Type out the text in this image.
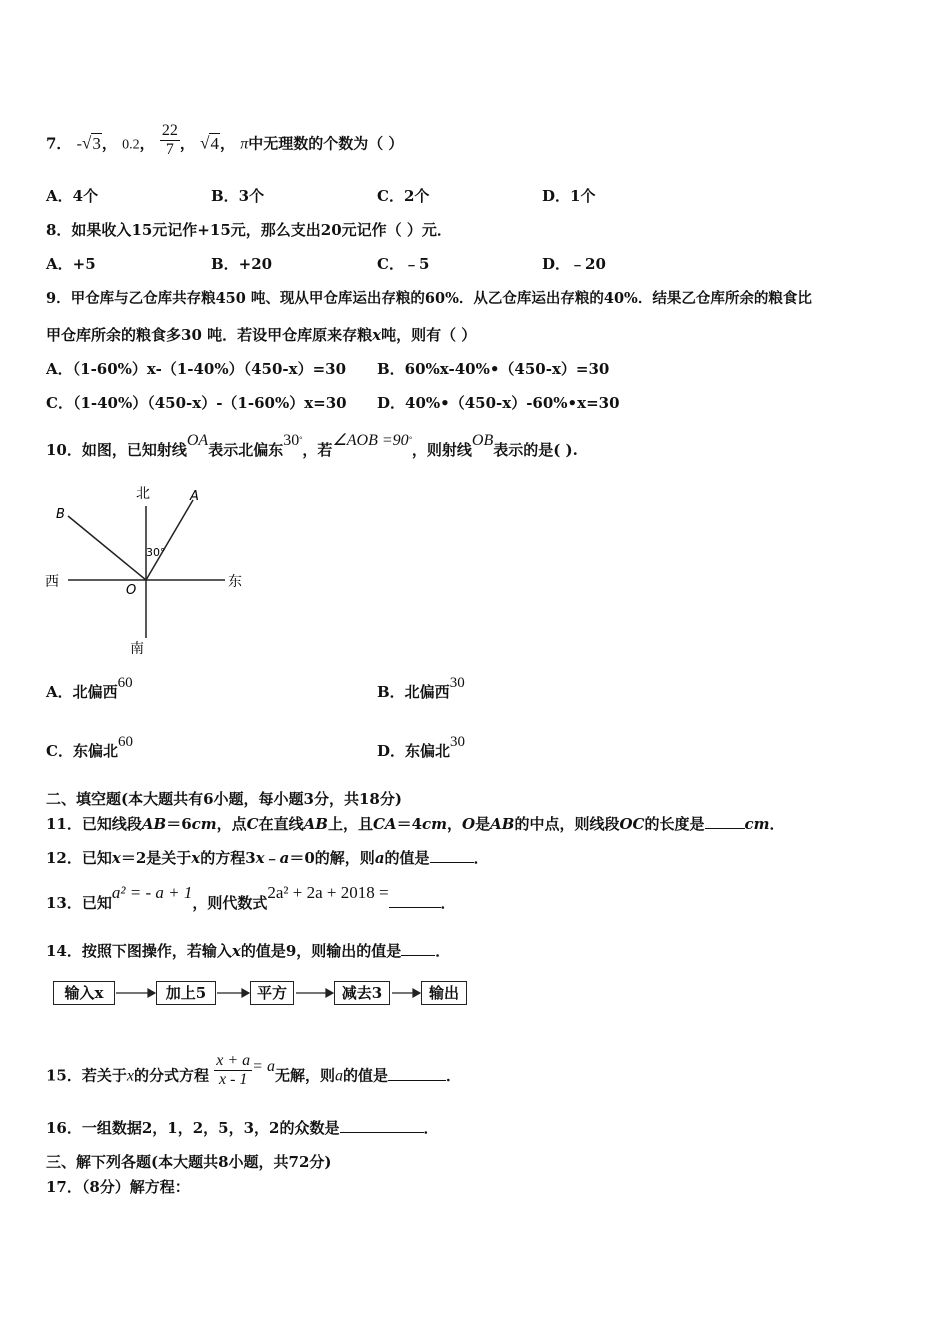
7． -√3， 0.2， $\frac{22}{7}$ ， √4， π中无理数的个数为（ ）
A．4个	B．3个	C．2个	D．1个
8．如果收入15元记作+15元，那么支出20元记作（ ）元．
A．+5	B．+20	C．﹣5	D．﹣20
9．甲仓库与乙仓库共存粮450 吨、现从甲仓库运出存粮的60%．从乙仓库运出存粮的40%．结果乙仓库所余的粮食比
甲仓库所余的粮食多30 吨．若设甲仓库原来存粮x吨，则有（ ）
A．（1-60%）x-（1-40%）（450-x）=30 B．60%x-40%•（450-x）=30
C．（1-40%）（450-x）-（1-60%）x=30 D．40%•（450-x）-60%•x=30
10．如图，已知射线OA表示北偏东30°，若∠AOB =90°，则射线OB表示的是( ).
北
南
西	东
A
B
O
30°
A．北偏西60	B．北偏西30
C．东偏北60	D．东偏北30
二、填空题(本大题共有6小题，每小题3分，共18分)
11．已知线段AB＝6cm，点C在直线AB上，且CA＝4cm，O是AB的中点，则线段OC的长度是	cm．
12．已知x＝2是关于x的方程3x﹣a＝0的解，则a的值是	．
13．已知a² = - a + 1，则代数式2a² + 2a + 2018 =．
14．按照下图操作，若输入x的值是9，则输出的值是 ．
输入x	加上5	平方	减去3	输出
15．若关于x的分式方程 $\frac{x + a}{x - 1} = a$无解，则a的值是	．
16．一组数据2，1，2，5，3，2的众数是	．
三、解下列各题(本大题共8小题，共72分)
17．（8分）解方程：
